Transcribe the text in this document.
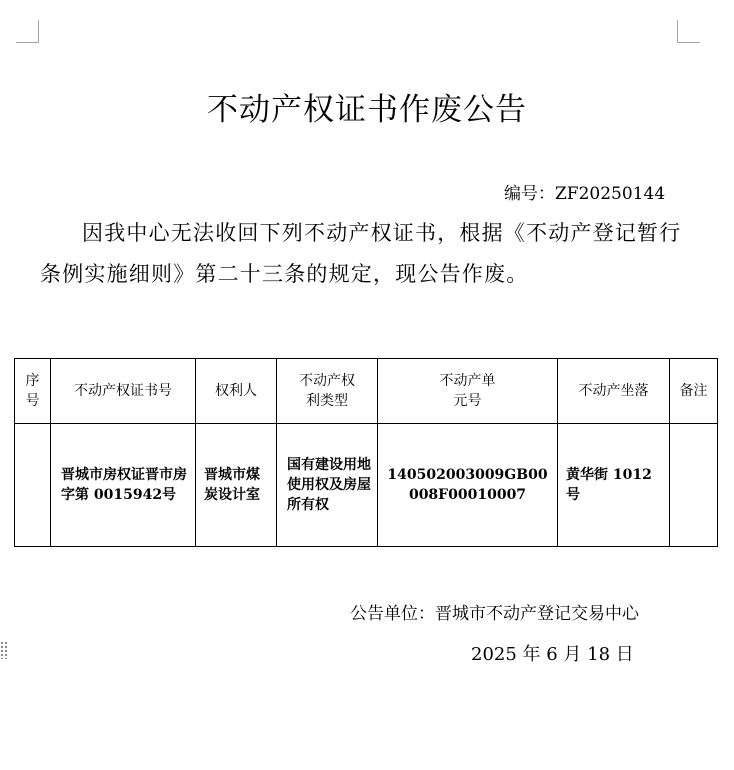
不动产权证书作废公告
编号：ZF20250144
因我中心无法收回下列不动产权证书，根据《不动产登记暂行条例实施细则》第二十三条的规定，现公告作废。
序号	不动产权证书号	权利人	不动产权利类型	不动产单元号	不动产坐落	备注
	晋城市房权证晋市房字第 0015942号	晋城市煤炭设计室	国有建设用地使用权及房屋所有权	140502003009GB00008F00010007	黄华街 1012号	
公告单位：晋城市不动产登记交易中心
2025 年 6 月 18 日
